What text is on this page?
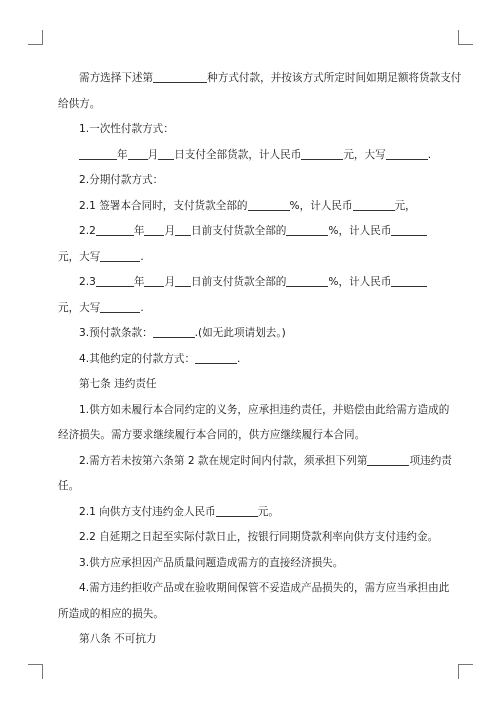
需方选择下述第	种方式付款，并按该方式所定时间如期足额将货款支付
给供方。
1.一次性付款方式：
年 月 日支付全部货款，计人民币	元，大写	.
2.分期付款方式：
2.1 签署本合同时，支付货款全部的	%，计人民币	元，
2.2	年 月 日前支付货款全部的	%，计人民币
元，大写	.
2.3	年 月 日前支付货款全部的	%，计人民币
元，大写	.
3.预付款条款：	.(如无此项请划去。)
4.其他约定的付款方式：	.
第七条 违约责任
1.供方如未履行本合同约定的义务，应承担违约责任，并赔偿由此给需方造成的
经济损失。需方要求继续履行本合同的，供方应继续履行本合同。
2.需方若未按第六条第 2 款在规定时间内付款，须承担下列第	项违约责
任。
2.1 向供方支付违约金人民币	元。
2.2 自延期之日起至实际付款日止，按银行同期贷款利率向供方支付违约金。
3.供方应承担因产品质量问题造成需方的直接经济损失。
4.需方违约拒收产品或在验收期间保管不妥造成产品损失的，需方应当承担由此
所造成的相应的损失。
第八条 不可抗力
